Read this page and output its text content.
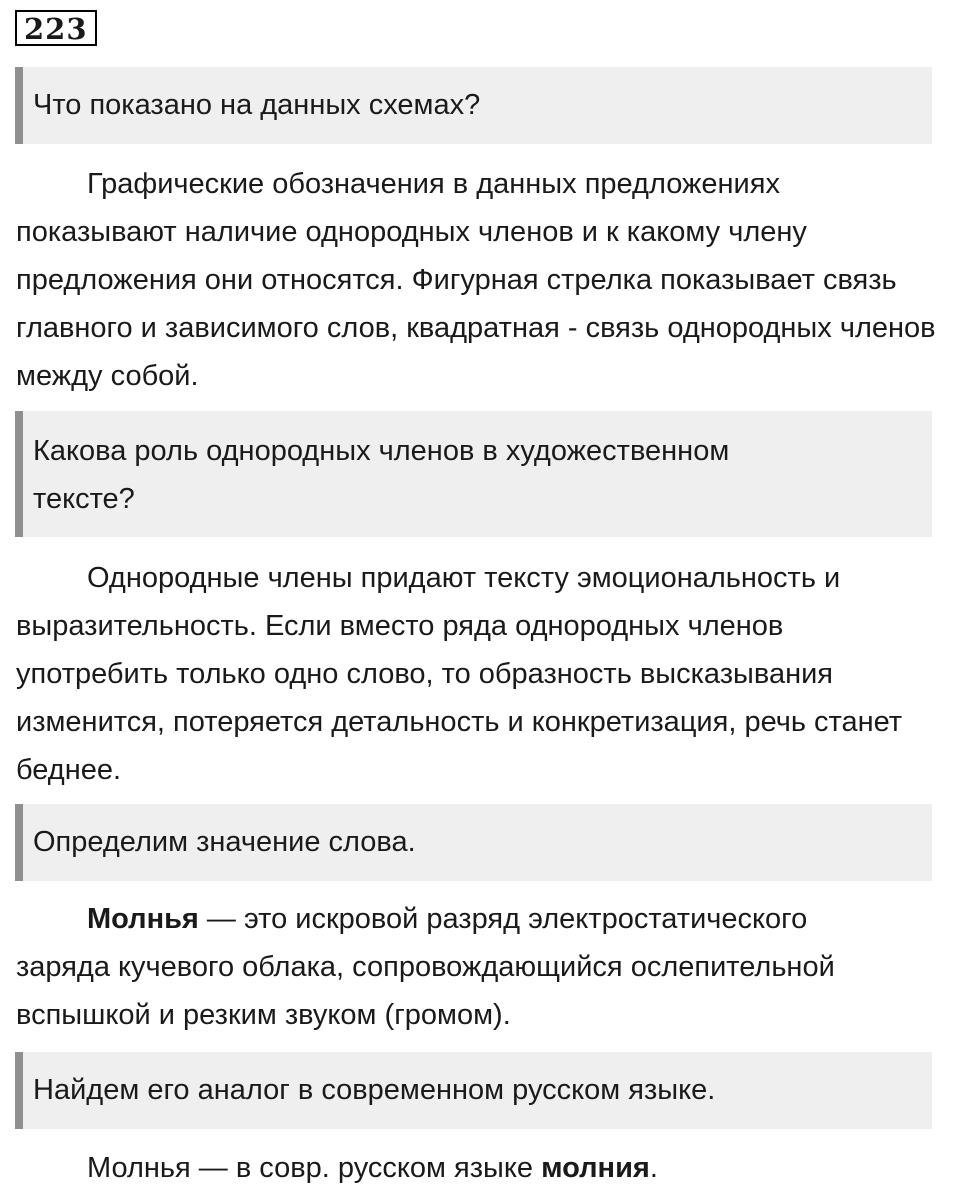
223
Что показано на данных схемах?

Графические обозначения в данных предложениях показывают наличие однородных членов и к какому члену предложения они относятся. Фигурная стрелка показывает связь главного и зависимого слов, квадратная - связь однородных членов между собой.

Какова роль однородных членов в художественном тексте?

Однородные члены придают тексту эмоциональность и выразительность. Если вместо ряда однородных членов употребить только одно слово, то образность высказывания изменится, потеряется детальность и конкретизация, речь станет беднее.

Определим значение слова.

Молнья — это искровой разряд электростатического заряда кучевого облака, сопровождающийся ослепительной вспышкой и резким звуком (громом).

Найдем его аналог в современном русском языке.

Молнья — в совр. русском языке молния.
